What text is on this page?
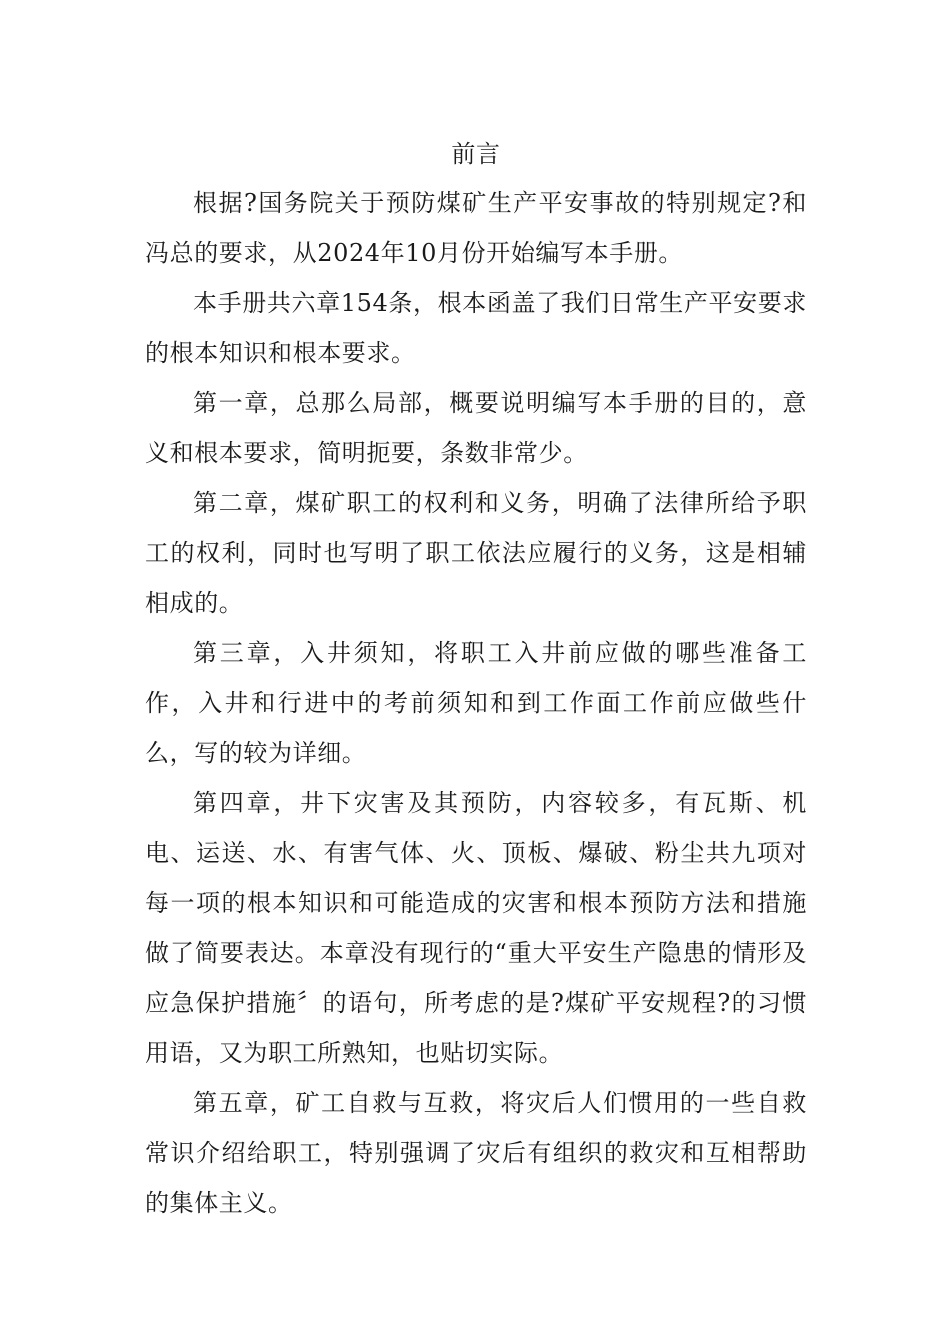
前言

根据?国务院关于预防煤矿生产平安事故的特别规定?和冯总的要求，从2024年10月份开始编写本手册。

本手册共六章154条，根本函盖了我们日常生产平安要求的根本知识和根本要求。

第一章，总那么局部，概要说明编写本手册的目的，意义和根本要求，简明扼要，条数非常少。

第二章，煤矿职工的权利和义务，明确了法律所给予职工的权利，同时也写明了职工依法应履行的义务，这是相辅相成的。

第三章，入井须知，将职工入井前应做的哪些准备工作，入井和行进中的考前须知和到工作面工作前应做些什么，写的较为详细。

第四章，井下灾害及其预防，内容较多，有瓦斯、机电、运送、水、有害气体、火、顶板、爆破、粉尘共九项对每一项的根本知识和可能造成的灾害和根本预防方法和措施做了简要表达。本章没有现行的“重大平安生产隐患的情形及应急保护措施〞的语句，所考虑的是?煤矿平安规程?的习惯用语，又为职工所熟知，也贴切实际。

第五章，矿工自救与互救，将灾后人们惯用的一些自救常识介绍给职工，特别强调了灾后有组织的救灾和互相帮助的集体主义。
